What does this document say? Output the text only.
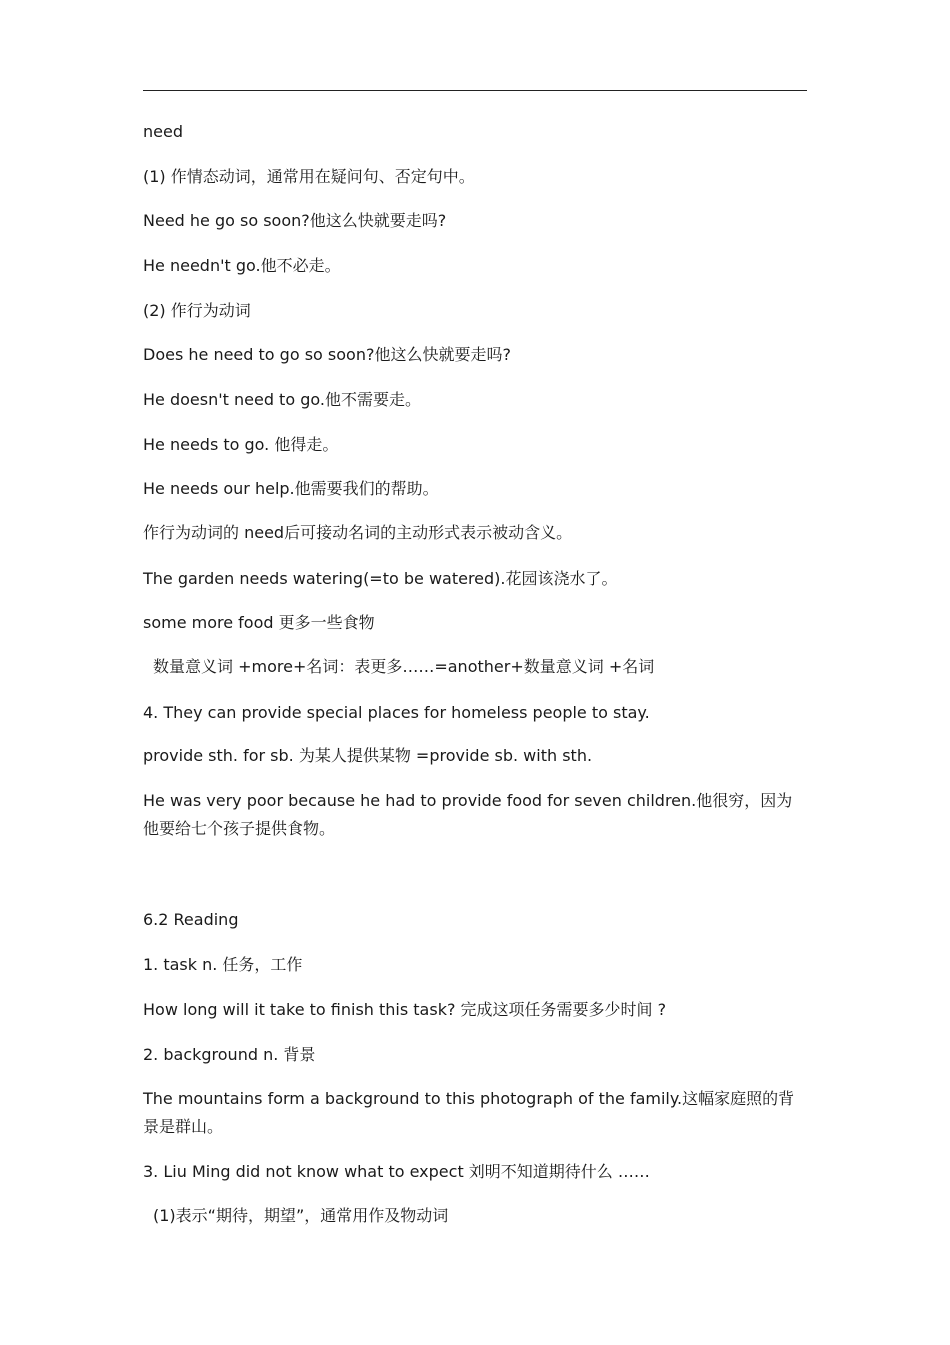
need
(1) 作情态动词，通常用在疑问句、否定句中。
Need he go so soon?他这么快就要走吗?
He needn't go.他不必走。
(2) 作行为动词
Does he need to go so soon?他这么快就要走吗?
He doesn't need to go.他不需要走。
He needs to go. 他得走。
He needs our help.他需要我们的帮助。
作行为动词的 need后可接动名词的主动形式表示被动含义。
The garden needs watering(=to be watered).花园该浇水了。
some more food 更多一些食物
数量意义词 +more+名词：表更多……=another+数量意义词 +名词
4. They can provide special places for homeless people to stay.
provide sth. for sb. 为某人提供某物 =provide sb. with sth.
He was very poor because he had to provide food for seven children.他很穷，因为他要给七个孩子提供食物。
6.2 Reading
1. task n. 任务，工作
How long will it take to finish this task? 完成这项任务需要多少时间 ?
2. background n. 背景
The mountains form a background to this photograph of the family.这幅家庭照的背景是群山。
3. Liu Ming did not know what to expect 刘明不知道期待什么 ……
(1)表示“期待，期望”，通常用作及物动词
